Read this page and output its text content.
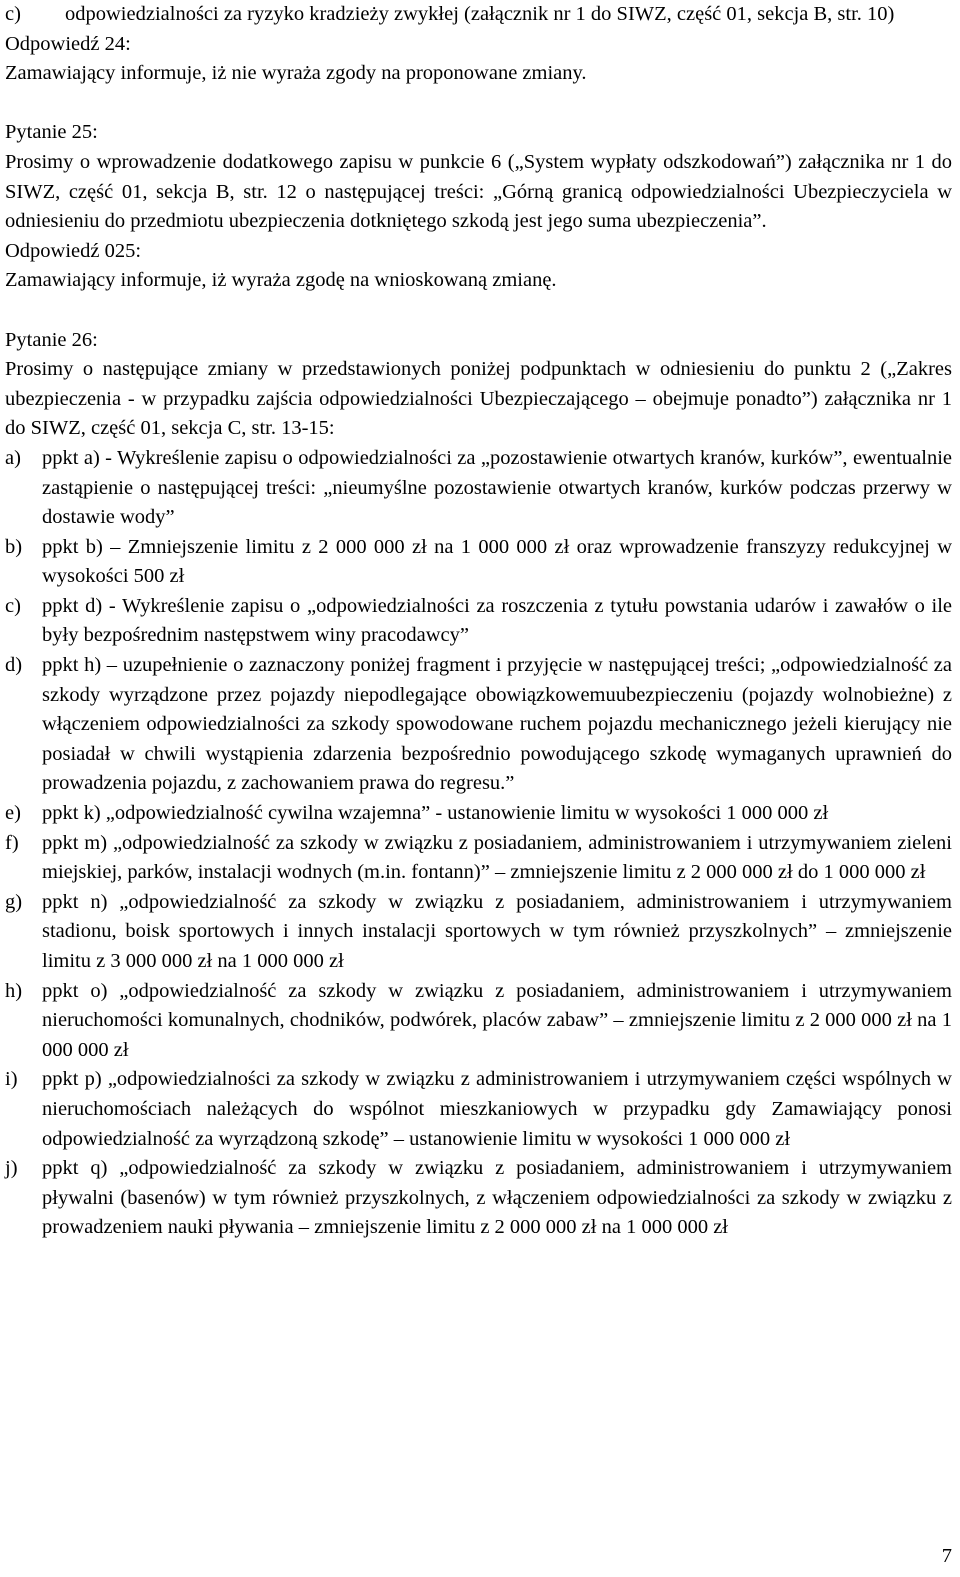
c)	odpowiedzialności za ryzyko kradzieży zwykłej (załącznik nr 1 do SIWZ, część 01, sekcja B, str. 10)
Odpowiedź 24:
Zamawiający informuje, iż nie wyraża zgody na proponowane zmiany.
Pytanie 25:
Prosimy o wprowadzenie dodatkowego zapisu w punkcie 6 („System wypłaty odszkodowań”) załącznika nr 1 do SIWZ, część 01, sekcja B, str. 12 o następującej treści: „Górną granicą odpowiedzialności Ubezpieczyciela w odniesieniu do przedmiotu ubezpieczenia dotkniętego szkodą jest jego suma ubezpieczenia”.
Odpowiedź 025:
Zamawiający informuje, iż wyraża zgodę na wnioskowaną zmianę.
Pytanie 26:
Prosimy o następujące zmiany w przedstawionych poniżej podpunktach w odniesieniu do punktu 2 („Zakres ubezpieczenia - w przypadku zajścia odpowiedzialności Ubezpieczającego – obejmuje ponadto”) załącznika nr 1 do SIWZ, część 01, sekcja C, str. 13-15:
a)	ppkt a) - Wykreślenie zapisu o odpowiedzialności za „pozostawienie otwartych kranów, kurków”, ewentualnie zastąpienie o następującej treści: „nieumyślne pozostawienie otwartych kranów, kurków podczas przerwy w dostawie wody”
b) ppkt b) – Zmniejszenie limitu z 2 000 000 zł na 1 000 000 zł oraz wprowadzenie franszyzy redukcyjnej w wysokości 500 zł
c)	ppkt d) - Wykreślenie zapisu o „odpowiedzialności za roszczenia z tytułu powstania udarów i zawałów o ile były bezpośrednim następstwem winy pracodawcy”
d) ppkt h) – uzupełnienie o zaznaczony poniżej fragment i przyjęcie w następującej treści; „odpowiedzialność za szkody wyrządzone przez pojazdy niepodlegające obowiązkowemuubezpieczeniu (pojazdy wolnobieżne) z włączeniem odpowiedzialności za szkody spowodowane ruchem pojazdu mechanicznego jeżeli kierujący nie posiadał w chwili wystąpienia zdarzenia bezpośrednio powodującego szkodę wymaganych uprawnień do prowadzenia pojazdu, z zachowaniem prawa do regresu.”
e)	ppkt k) „odpowiedzialność cywilna wzajemna” - ustanowienie limitu w wysokości 1 000 000 zł
f)	ppkt m) „odpowiedzialność za szkody w związku z posiadaniem, administrowaniem i utrzymywaniem zieleni miejskiej, parków, instalacji wodnych (m.in. fontann)” – zmniejszenie limitu z 2 000 000 zł do 1 000 000 zł
g) ppkt n) „odpowiedzialność za szkody w związku z posiadaniem, administrowaniem i utrzymywaniem stadionu, boisk sportowych i innych instalacji sportowych w tym również przyszkolnych” – zmniejszenie limitu z 3 000 000 zł na 1 000 000 zł
h) ppkt o) „odpowiedzialność za szkody w związku z posiadaniem, administrowaniem i utrzymywaniem nieruchomości komunalnych, chodników, podwórek, placów zabaw” – zmniejszenie limitu z 2 000 000 zł na 1 000 000 zł
i)	ppkt p) „odpowiedzialności za szkody w związku z administrowaniem i utrzymywaniem części wspólnych w nieruchomościach należących do wspólnot mieszkaniowych w przypadku gdy Zamawiający ponosi odpowiedzialność za wyrządzoną szkodę” – ustanowienie limitu w wysokości 1 000 000 zł
j)	ppkt q) „odpowiedzialność za szkody w związku z posiadaniem, administrowaniem i utrzymywaniem pływalni (basenów) w tym również przyszkolnych, z włączeniem odpowiedzialności za szkody w związku z prowadzeniem nauki pływania – zmniejszenie limitu z 2 000 000 zł na 1 000 000 zł
7
